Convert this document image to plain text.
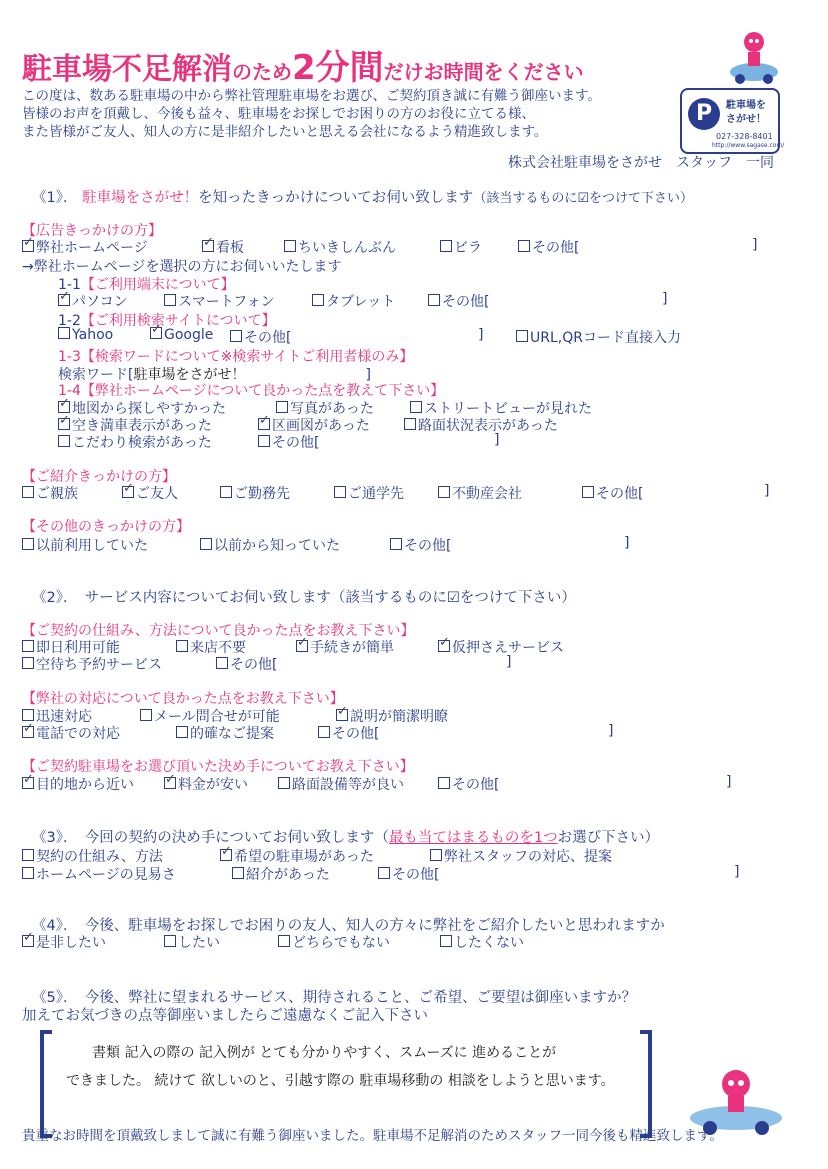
駐車場不足解消のため2分間だけお時間をください
この度は、数ある駐車場の中から弊社管理駐車場をお選び、ご契約頂き誠に有難う御座います。
皆様のお声を頂戴し、今後も益々、駐車場をお探しでお困りの方のお役に立てる様、
また皆様がご友人、知人の方に是非紹介したいと思える会社になるよう精進致します。
P	駐車場を
さがせ！
027-328-8401
http://www.sagase.com/
株式会社駐車場をさがせ　スタッフ　一同
《1》． 駐車場をさがせ！を知ったきっかけについてお伺い致します（該当するものに☑をつけて下さい）
【広告きっかけの方】
✓弊社ホームページ ✓	看板	ちいきしんぶん	ビラ	その他[	]
→弊社ホームページを選択の方にお伺いいたします
1-1【ご利用端末について】
✓パソコン	スマートフォン	タブレット	その他[	]
1-2【ご利用検索サイトについて】
Yahoo ✓	Google	その他[	]	URL,QRコード直接入力
1-3【検索ワードについて※検索サイトご利用者様のみ】
検索ワード[駐車場をさがせ！	]
1-4【弊社ホームページについて良かった点を教えて下さい】
✓地図から探しやすかった	写真があった	ストリートビューが見れた
✓空き満車表示があった ✓	区画図があった	路面状況表示があった
こだわり検索があった	その他[	]
【ご紹介きっかけの方】
ご親族 ✓	ご友人	ご勤務先	ご通学先	不動産会社	その他[	]
【その他のきっかけの方】
以前利用していた	以前から知っていた	その他[	]
《2》．　サービス内容についてお伺い致します（該当するものに☑をつけて下さい）
【ご契約の仕組み、方法について良かった点をお教え下さい】
即日利用可能	来店不要 ✓	手続きが簡単 ✓	仮押さえサービス
空待ち予約サービス	その他[	]
【弊社の対応について良かった点をお教え下さい】
迅速対応	メール問合せが可能 ✓	説明が簡潔明瞭
✓電話での対応	的確なご提案	その他[	]
【ご契約駐車場をお選び頂いた決め手についてお教え下さい】
✓目的地から近い ✓	料金が安い	路面設備等が良い	その他[	]
《3》．　今回の契約の決め手についてお伺い致します（最も当てはまるものを1つお選び下さい）
契約の仕組み、方法 ✓	希望の駐車場があった	弊社スタッフの対応、提案
ホームページの見易さ	紹介があった	その他[	]
《4》．　今後、駐車場をお探しでお困りの友人、知人の方々に弊社をご紹介したいと思われますか
✓是非したい	したい	どちらでもない	したくない
《5》．　今後、弊社に望まれるサービス、期待されること、ご希望、ご要望は御座いますか？
加えてお気づきの点等御座いましたらご遠慮なくご記入下さい
書類 記入の際の 記入例が とても分かりやすく、スムーズに 進めることが
できました。 続けて 欲しいのと、引越す際の 駐車場移動の 相談をしようと思います。
貴重なお時間を頂戴致しまして誠に有難う御座いました。駐車場不足解消のためスタッフ一同今後も精進致します。
